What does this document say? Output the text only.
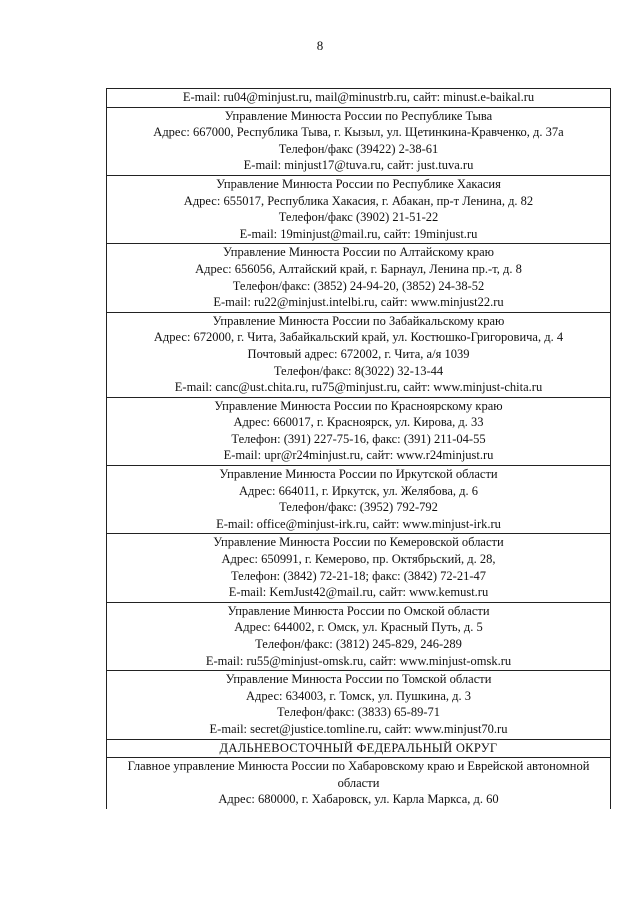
8
E-mail: ru04@minjust.ru, mail@minustrb.ru, сайт: minust.e-baikal.ru

Управление Минюста России по Республике Тыва
Адрес: 667000, Республика Тыва, г. Кызыл, ул. Щетинкина-Кравченко, д. 37а
Телефон/факс (39422) 2-38-61
E-mail: minjust17@tuva.ru, сайт: just.tuva.ru

Управление Минюста России по Республике Хакасия
Адрес: 655017, Республика Хакасия, г. Абакан, пр-т Ленина, д. 82
Телефон/факс (3902) 21-51-22
E-mail: 19minjust@mail.ru, сайт: 19minjust.ru

Управление Минюста России по Алтайскому краю
Адрес: 656056, Алтайский край, г. Барнаул, Ленина пр.-т, д. 8
Телефон/факс: (3852) 24-94-20, (3852) 24-38-52
E-mail: ru22@minjust.intelbi.ru, сайт: www.minjust22.ru

Управление Минюста России по Забайкальскому краю
Адрес: 672000, г. Чита, Забайкальский край, ул. Костюшко-Григоровича, д. 4
Почтовый адрес: 672002, г. Чита, а/я 1039
Телефон/факс: 8(3022) 32-13-44
E-mail: canc@ust.chita.ru, ru75@minjust.ru, сайт: www.minjust-chita.ru

Управление Минюста России по Красноярскому краю
Адрес: 660017, г. Красноярск, ул. Кирова, д. 33
Телефон: (391) 227-75-16, факс: (391) 211-04-55
E-mail: upr@r24minjust.ru, сайт: www.r24minjust.ru

Управление Минюста России по Иркутской области
Адрес: 664011, г. Иркутск, ул. Желябова, д. 6
Телефон/факс: (3952) 792-792
E-mail: office@minjust-irk.ru, сайт: www.minjust-irk.ru

Управление Минюста России по Кемеровской области
Адрес: 650991, г. Кемерово, пр. Октябрьский, д. 28,
Телефон: (3842) 72-21-18; факс: (3842) 72-21-47
E-mail: KemJust42@mail.ru, сайт: www.kemust.ru

Управление Минюста России по Омской области
Адрес: 644002, г. Омск, ул. Красный Путь, д. 5
Телефон/факс: (3812) 245-829, 246-289
E-mail: ru55@minjust-omsk.ru, сайт: www.minjust-omsk.ru

Управление Минюста России по Томской области
Адрес: 634003, г. Томск, ул. Пушкина, д. 3
Телефон/факс: (3833) 65-89-71
E-mail: secret@justice.tomline.ru, сайт: www.minjust70.ru

ДАЛЬНЕВОСТОЧНЫЙ ФЕДЕРАЛЬНЫЙ ОКРУГ

Главное управление Минюста России по Хабаровскому краю и Еврейской автономной области
Адрес: 680000, г. Хабаровск, ул. Карла Маркса, д. 60
